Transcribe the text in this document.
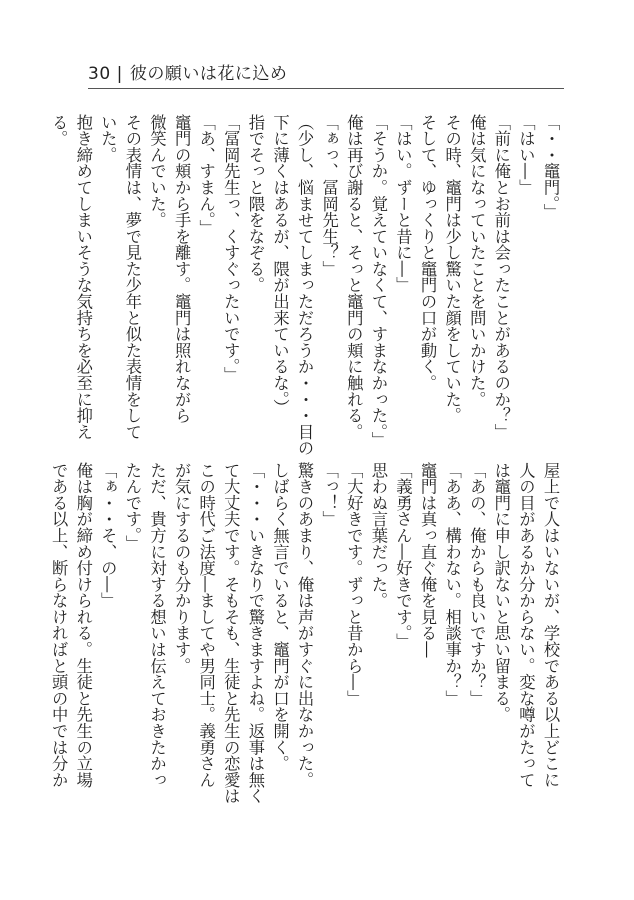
30 | 彼の願いは花に込め
「・・竈門。」
「はい―」
「前に俺とお前は会ったことがあるのか？」
俺は気になっていたことを問いかけた。
その時、竈門は少し驚いた顔をしていた。
そして、ゆっくりと竈門の口が動く。
「はい。ずーと昔に―」
「そうか。覚えていなくて、すまなかった。」
俺は再び謝ると、そっと竈門の頬に触れる。
「ぁっ、冨岡先生？」
（少し、悩ませてしまっただろうか・・・目の
下に薄くはあるが、隈が出来ているな。）
指でそっと隈をなぞる。
「冨岡先生っ、くすぐったいです。」
「あ、すまん。」
竈門の頬から手を離す。竈門は照れながら
微笑んでいた。
その表情は、夢で見た少年と似た表情をして
いた。
抱き締めてしまいそうな気持ちを必至に抑え
る。
屋上で人はいないが、学校である以上どこに
人の目があるか分からない。変な噂がたって
は竈門に申し訳ないと思い留まる。
「あの、俺からも良いですか？」
「ああ、構わない。相談事か？」
竈門は真っ直ぐ俺を見る―
「義勇さん―好きです。」
思わぬ言葉だった。
「大好きです。ずっと昔から―」
「っ！」
驚きのあまり、俺は声がすぐに出なかった。
しばらく無言でいると、竈門が口を開く。
「・・・いきなりで驚きますよね。返事は無く
て大丈夫です。そもそも、生徒と先生の恋愛は
この時代ご法度―ましてや男同士。義勇さん
が気にするのも分かります。
ただ、貴方に対する想いは伝えておきたかっ
たんです。」
「ぁ・・そ、の―」
俺は胸が締め付けられる。生徒と先生の立場
である以上、断らなければと頭の中では分か
